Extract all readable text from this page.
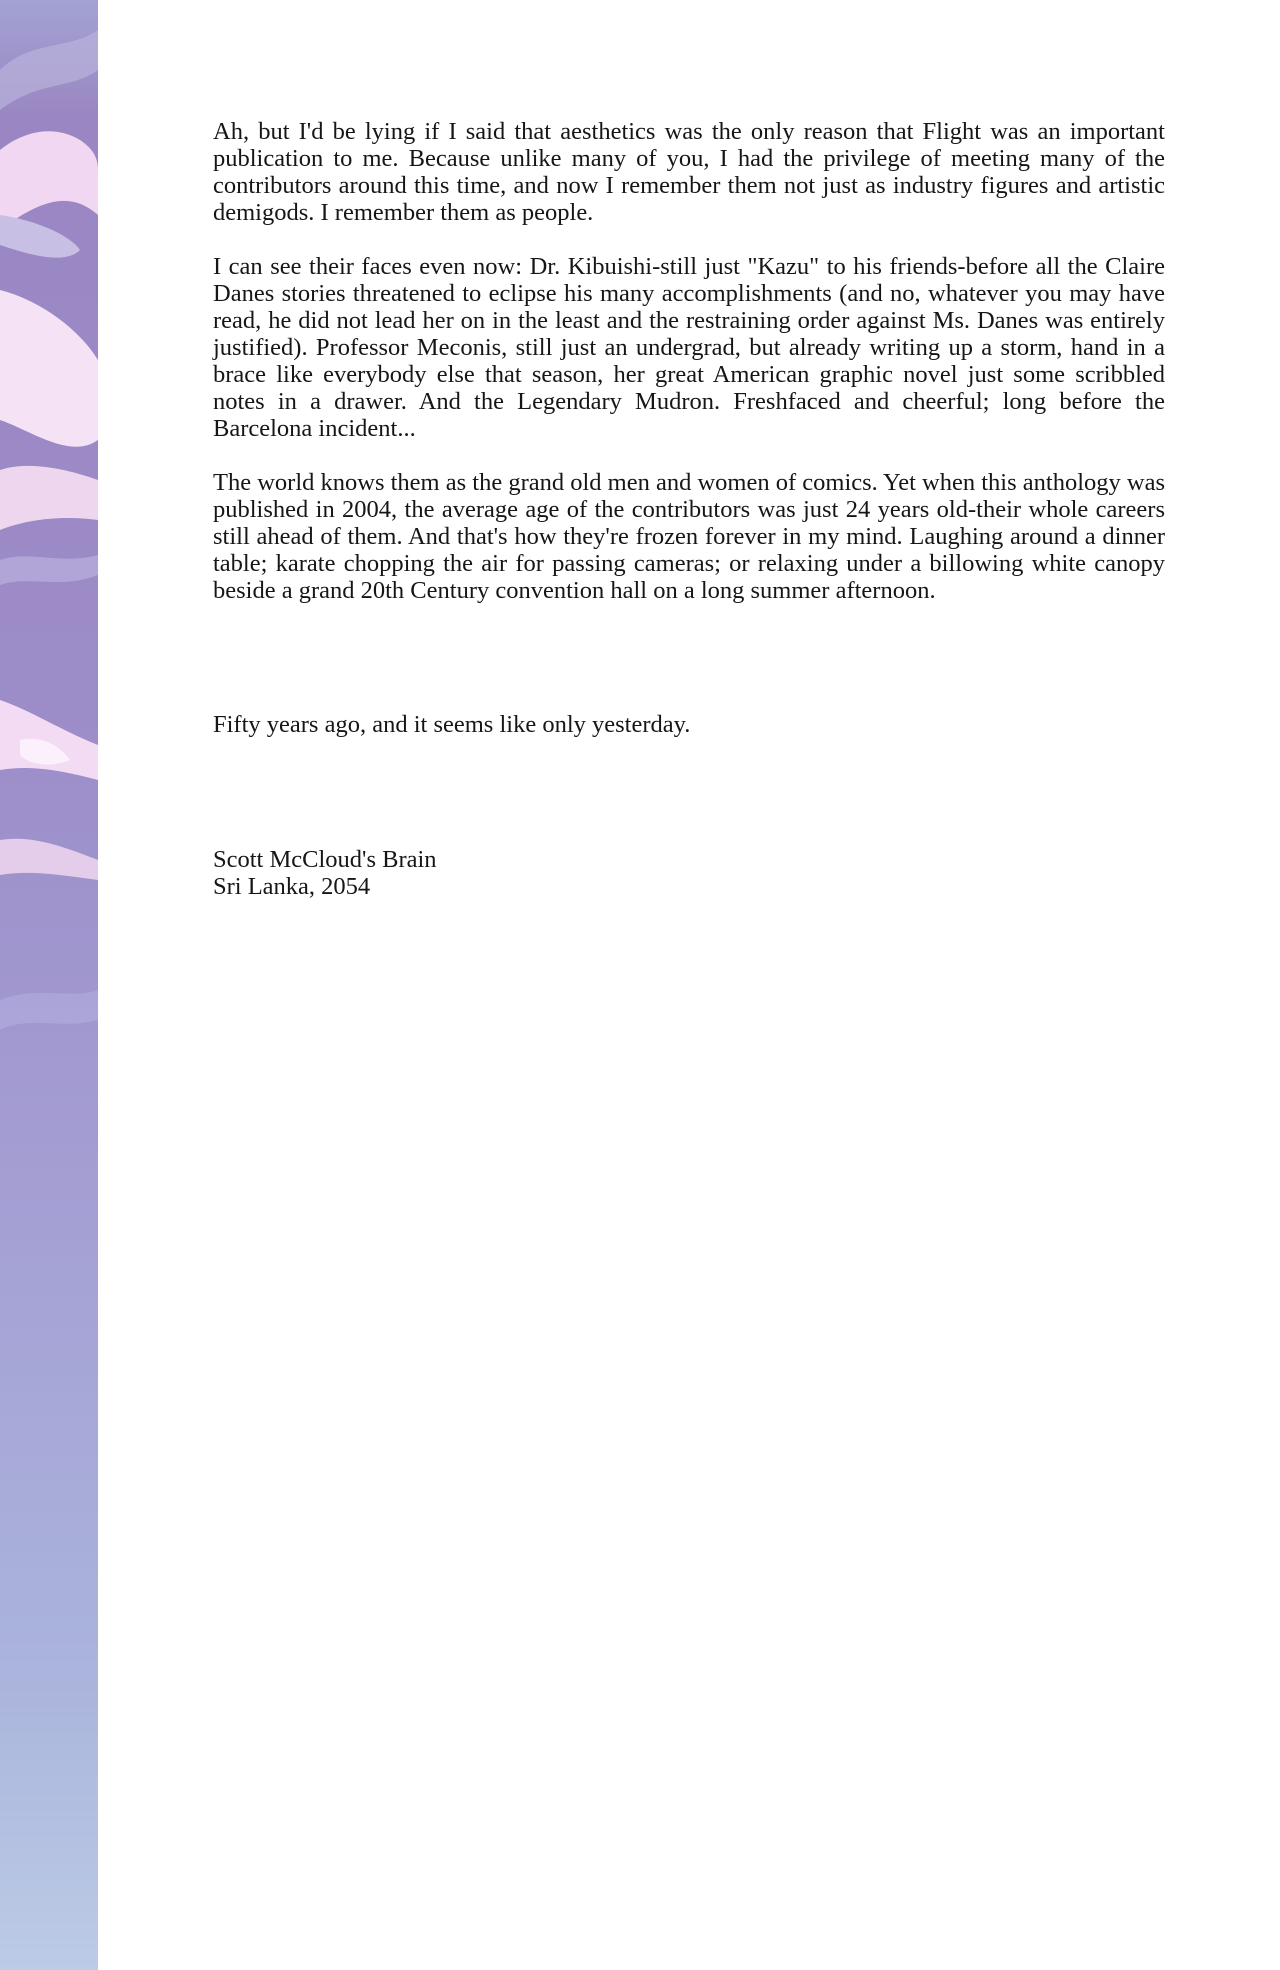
Ah, but I'd be lying if I said that aesthetics was the only reason that Flight was an important publication to me. Because unlike many of you, I had the privilege of meeting many of the contributors around this time, and now I remember them not just as industry figures and artistic demigods. I remember them as people.

I can see their faces even now: Dr. Kibuishi-still just "Kazu" to his friends-before all the Claire Danes stories threatened to eclipse his many accomplishments (and no, whatever you may have read, he did not lead her on in the least and the restraining order against Ms. Danes was entirely justified). Professor Meconis, still just an undergrad, but already writing up a storm, hand in a brace like everybody else that season, her great American graphic novel just some scribbled notes in a drawer. And the Legendary Mudron. Freshfaced and cheerful; long before the Barcelona incident...

The world knows them as the grand old men and women of comics. Yet when this anthology was published in 2004, the average age of the contributors was just 24 years old-their whole careers still ahead of them. And that's how they're frozen forever in my mind. Laughing around a dinner table; karate chopping the air for passing cameras; or relaxing under a billowing white canopy beside a grand 20th Century convention hall on a long summer afternoon.

Fifty years ago, and it seems like only yesterday.

Scott McCloud's Brain
Sri Lanka, 2054
